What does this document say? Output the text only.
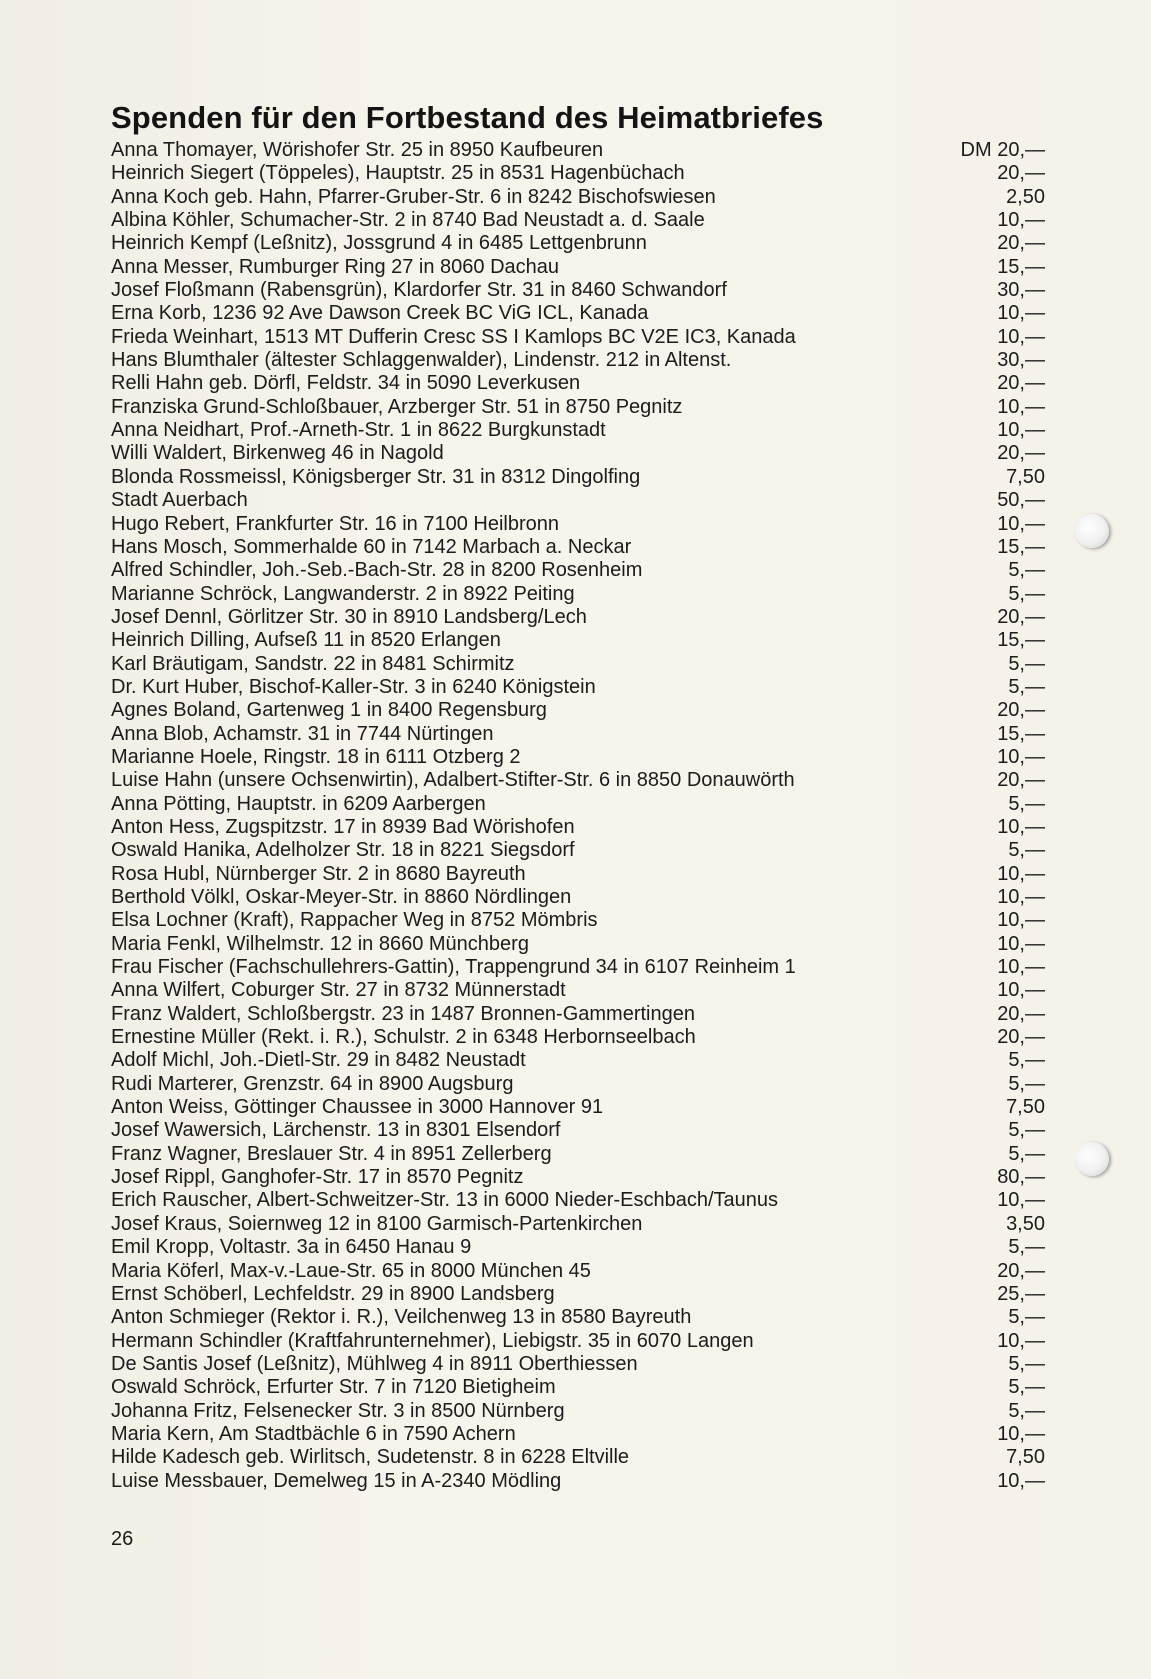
Spenden für den Fortbestand des Heimatbriefes
Anna Thomayer, Wörishofer Str. 25 in 8950 Kaufbeuren	DM 20,—
Heinrich Siegert (Töppeles), Hauptstr. 25 in 8531 Hagenbüchach	20,—
Anna Koch geb. Hahn, Pfarrer-Gruber-Str. 6 in 8242 Bischofswiesen	2,50
Albina Köhler, Schumacher-Str. 2 in 8740 Bad Neustadt a. d. Saale	10,—
Heinrich Kempf (Leßnitz), Jossgrund 4 in 6485 Lettgenbrunn	20,—
Anna Messer, Rumburger Ring 27 in 8060 Dachau	15,—
Josef Floßmann (Rabensgrün), Klardorfer Str. 31 in 8460 Schwandorf	30,—
Erna Korb, 1236 92 Ave Dawson Creek BC ViG ICL, Kanada	10,—
Frieda Weinhart, 1513 MT Dufferin Cresc SS I Kamlops BC V2E IC3, Kanada	10,—
Hans Blumthaler (ältester Schlaggenwalder), Lindenstr. 212 in Altenst.	30,—
Relli Hahn geb. Dörfl, Feldstr. 34 in 5090 Leverkusen	20,—
Franziska Grund-Schloßbauer, Arzberger Str. 51 in 8750 Pegnitz	10,—
Anna Neidhart, Prof.-Arneth-Str. 1 in 8622 Burgkunstadt	10,—
Willi Waldert, Birkenweg 46 in Nagold	20,—
Blonda Rossmeissl, Königsberger Str. 31 in 8312 Dingolfing	7,50
Stadt Auerbach	50,—
Hugo Rebert, Frankfurter Str. 16 in 7100 Heilbronn	10,—
Hans Mosch, Sommerhalde 60 in 7142 Marbach a. Neckar	15,—
Alfred Schindler, Joh.-Seb.-Bach-Str. 28 in 8200 Rosenheim	5,—
Marianne Schröck, Langwanderstr. 2 in 8922 Peiting	5,—
Josef Dennl, Görlitzer Str. 30 in 8910 Landsberg/Lech	20,—
Heinrich Dilling, Aufseß 11 in 8520 Erlangen	15,—
Karl Bräutigam, Sandstr. 22 in 8481 Schirmitz	5,—
Dr. Kurt Huber, Bischof-Kaller-Str. 3 in 6240 Königstein	5,—
Agnes Boland, Gartenweg 1 in 8400 Regensburg	20,—
Anna Blob, Achamstr. 31 in 7744 Nürtingen	15,—
Marianne Hoele, Ringstr. 18 in 6111 Otzberg 2	10,—
Luise Hahn (unsere Ochsenwirtin), Adalbert-Stifter-Str. 6 in 8850 Donauwörth	20,—
Anna Pötting, Hauptstr. in 6209 Aarbergen	5,—
Anton Hess, Zugspitzstr. 17 in 8939 Bad Wörishofen	10,—
Oswald Hanika, Adelholzer Str. 18 in 8221 Siegsdorf	5,—
Rosa Hubl, Nürnberger Str. 2 in 8680 Bayreuth	10,—
Berthold Völkl, Oskar-Meyer-Str. in 8860 Nördlingen	10,—
Elsa Lochner (Kraft), Rappacher Weg in 8752 Mömbris	10,—
Maria Fenkl, Wilhelmstr. 12 in 8660 Münchberg	10,—
Frau Fischer (Fachschullehrers-Gattin), Trappengrund 34 in 6107 Reinheim 1	10,—
Anna Wilfert, Coburger Str. 27 in 8732 Münnerstadt	10,—
Franz Waldert, Schloßbergstr. 23 in 1487 Bronnen-Gammertingen	20,—
Ernestine Müller (Rekt. i. R.), Schulstr. 2 in 6348 Herbornseelbach	20,—
Adolf Michl, Joh.-Dietl-Str. 29 in 8482 Neustadt	5,—
Rudi Marterer, Grenzstr. 64 in 8900 Augsburg	5,—
Anton Weiss, Göttinger Chaussee in 3000 Hannover 91	7,50
Josef Wawersich, Lärchenstr. 13 in 8301 Elsendorf	5,—
Franz Wagner, Breslauer Str. 4 in 8951 Zellerberg	5,—
Josef Rippl, Ganghofer-Str. 17 in 8570 Pegnitz	80,—
Erich Rauscher, Albert-Schweitzer-Str. 13 in 6000 Nieder-Eschbach/Taunus	10,—
Josef Kraus, Soiernweg 12 in 8100 Garmisch-Partenkirchen	3,50
Emil Kropp, Voltastr. 3a in 6450 Hanau 9	5,—
Maria Köferl, Max-v.-Laue-Str. 65 in 8000 München 45	20,—
Ernst Schöberl, Lechfeldstr. 29 in 8900 Landsberg	25,—
Anton Schmieger (Rektor i. R.), Veilchenweg 13 in 8580 Bayreuth	5,—
Hermann Schindler (Kraftfahrunternehmer), Liebigstr. 35 in 6070 Langen	10,—
De Santis Josef (Leßnitz), Mühlweg 4 in 8911 Oberthiessen	5,—
Oswald Schröck, Erfurter Str. 7 in 7120 Bietigheim	5,—
Johanna Fritz, Felsenecker Str. 3 in 8500 Nürnberg	5,—
Maria Kern, Am Stadtbächle 6 in 7590 Achern	10,—
Hilde Kadesch geb. Wirlitsch, Sudetenstr. 8 in 6228 Eltville	7,50
Luise Messbauer, Demelweg 15 in A-2340 Mödling	10,—
26
